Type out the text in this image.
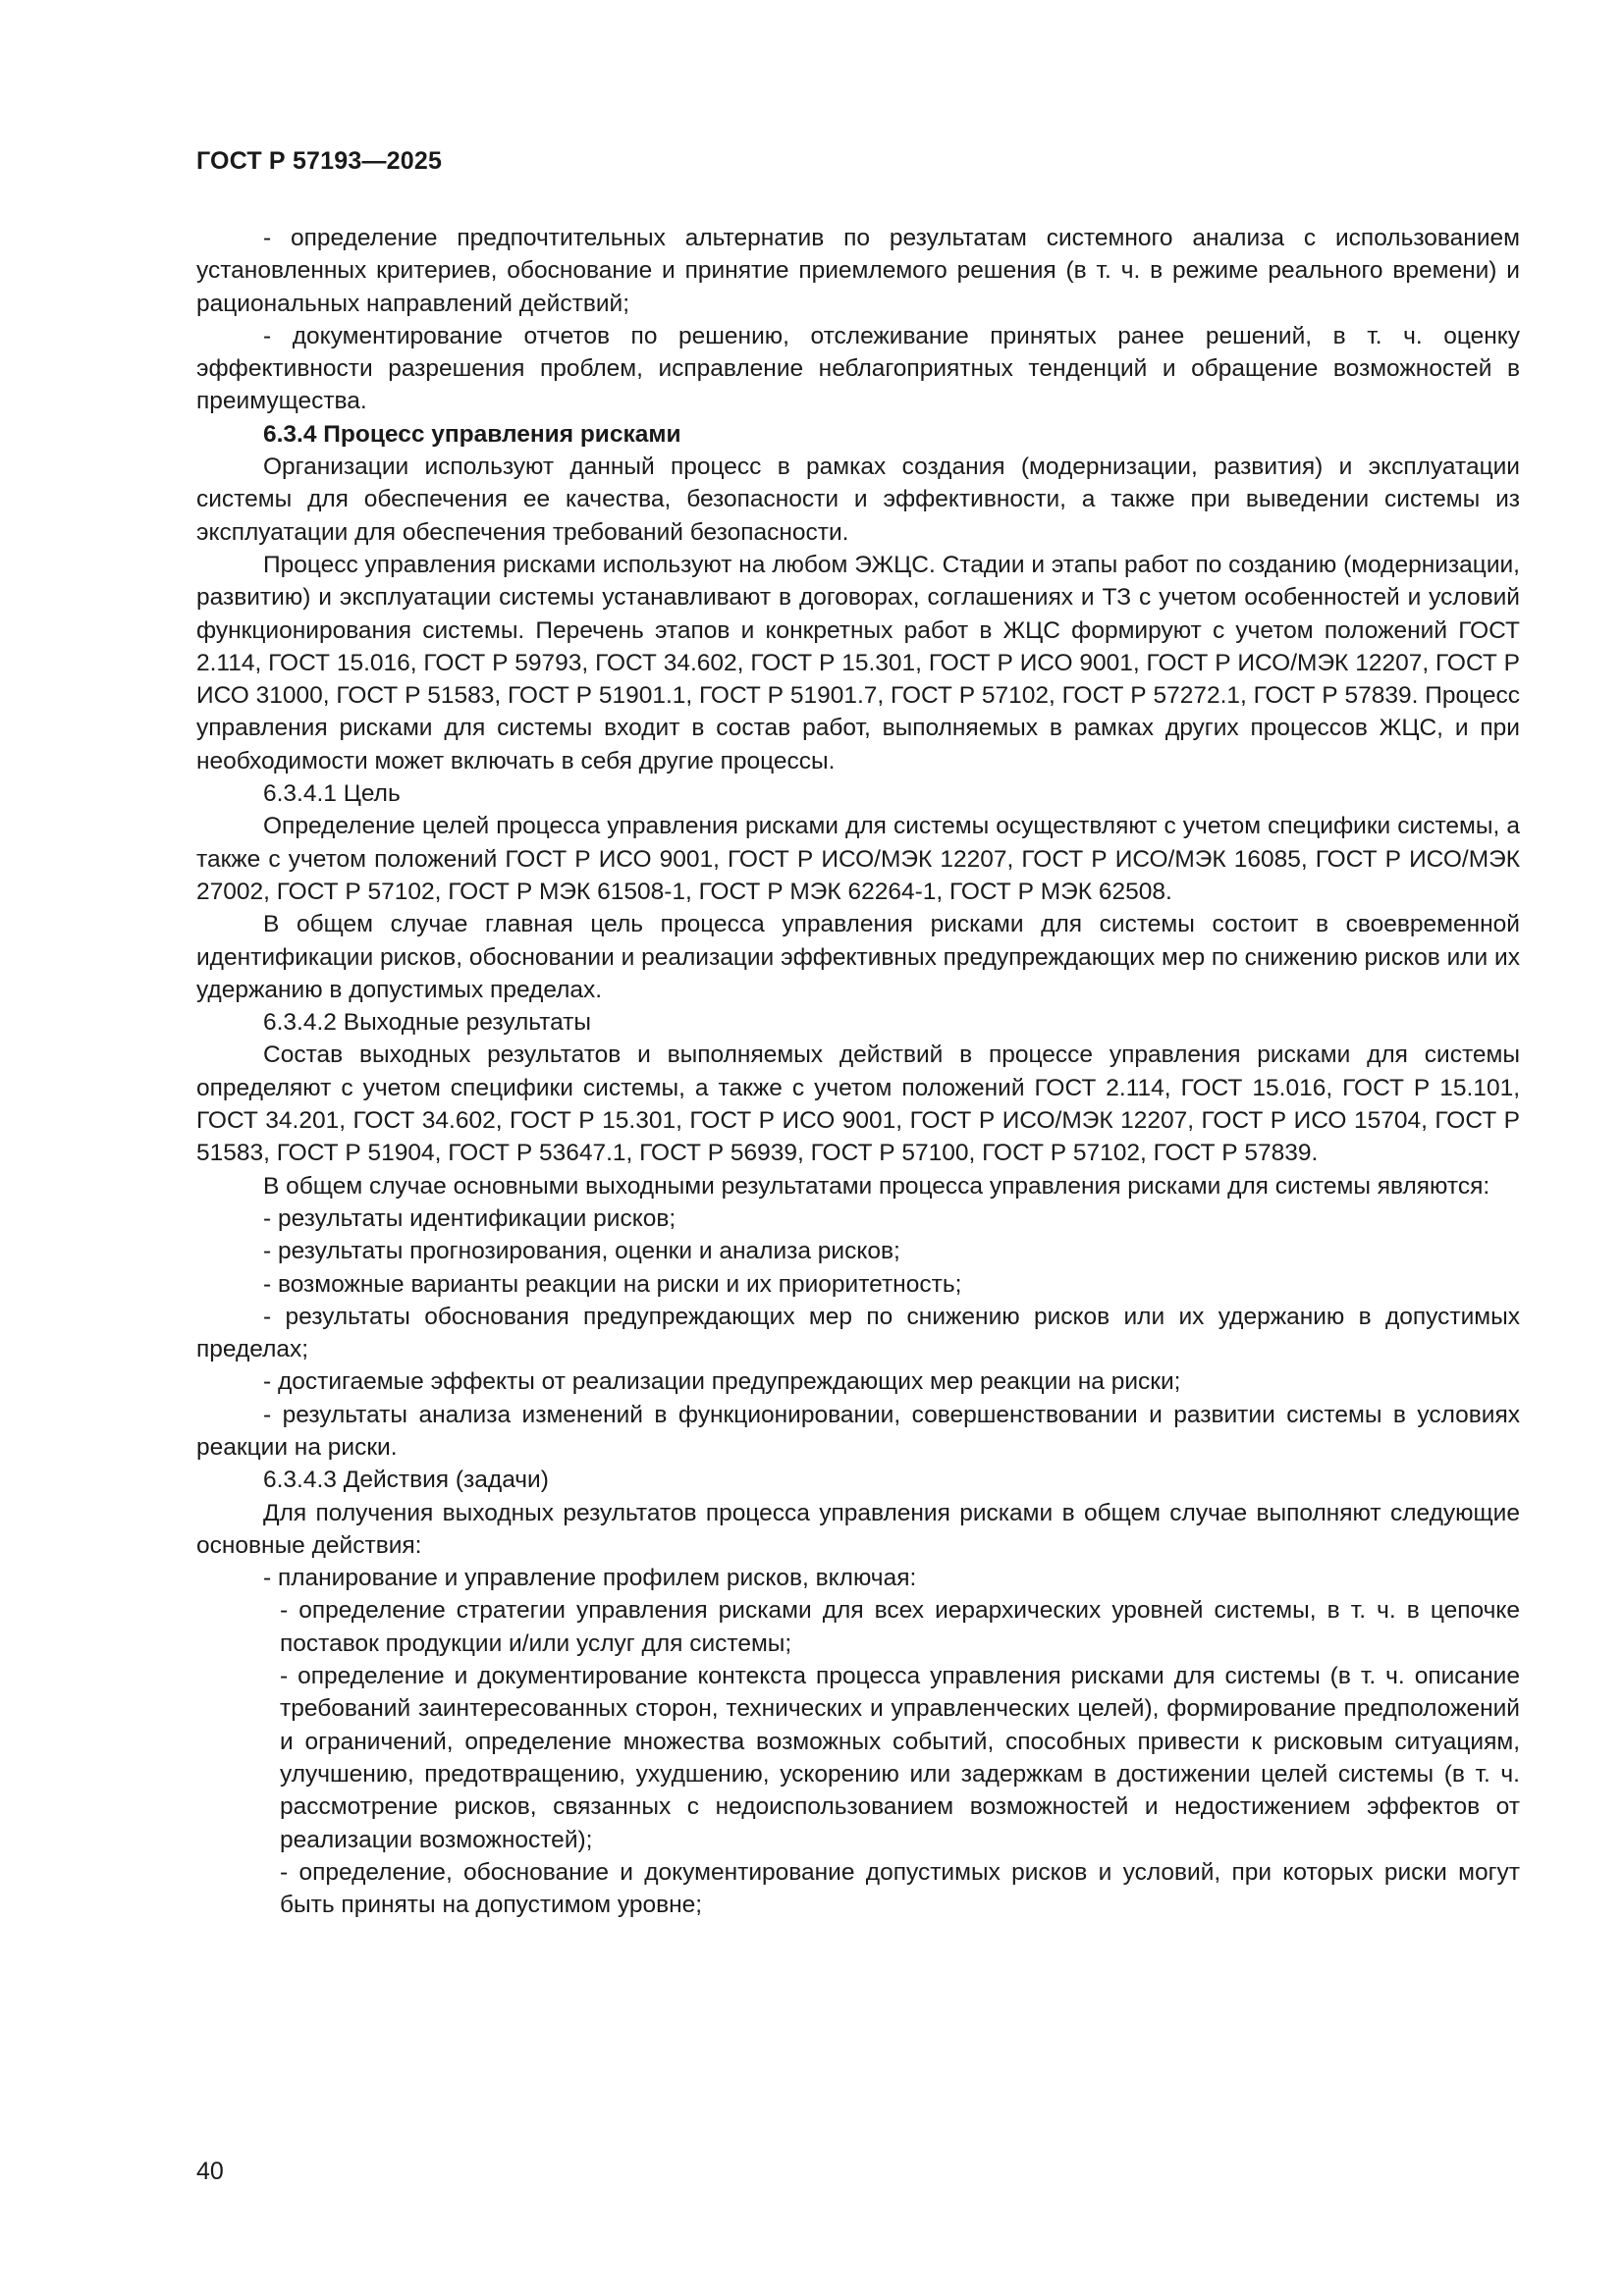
ГОСТ Р 57193—2025

- определение предпочтительных альтернатив по результатам системного анализа с использованием установленных критериев, обоснование и принятие приемлемого решения (в т. ч. в режиме реального времени) и рациональных направлений действий;

- документирование отчетов по решению, отслеживание принятых ранее решений, в т. ч. оценку эффективности разрешения проблем, исправление неблагоприятных тенденций и обращение возможностей в преимущества.

6.3.4 Процесс управления рисками

Организации используют данный процесс в рамках создания (модернизации, развития) и эксплуатации системы для обеспечения ее качества, безопасности и эффективности, а также при выведении системы из эксплуатации для обеспечения требований безопасности.

Процесс управления рисками используют на любом ЭЖЦС. Стадии и этапы работ по созданию (модернизации, развитию) и эксплуатации системы устанавливают в договорах, соглашениях и ТЗ с учетом особенностей и условий функционирования системы. Перечень этапов и конкретных работ в ЖЦС формируют с учетом положений ГОСТ 2.114, ГОСТ 15.016, ГОСТ Р 59793, ГОСТ 34.602, ГОСТ Р 15.301, ГОСТ Р ИСО 9001, ГОСТ Р ИСО/МЭК 12207, ГОСТ Р ИСО 31000, ГОСТ Р 51583, ГОСТ Р 51901.1, ГОСТ Р 51901.7, ГОСТ Р 57102, ГОСТ Р 57272.1, ГОСТ Р 57839. Процесс управления рисками для системы входит в состав работ, выполняемых в рамках других процессов ЖЦС, и при необходимости может включать в себя другие процессы.

6.3.4.1 Цель

Определение целей процесса управления рисками для системы осуществляют с учетом специфики системы, а также с учетом положений ГОСТ Р ИСО 9001, ГОСТ Р ИСО/МЭК 12207, ГОСТ Р ИСО/МЭК 16085, ГОСТ Р ИСО/МЭК 27002, ГОСТ Р 57102, ГОСТ Р МЭК 61508-1, ГОСТ Р МЭК 62264-1, ГОСТ Р МЭК 62508.

В общем случае главная цель процесса управления рисками для системы состоит в своевременной идентификации рисков, обосновании и реализации эффективных предупреждающих мер по снижению рисков или их удержанию в допустимых пределах.

6.3.4.2 Выходные результаты

Состав выходных результатов и выполняемых действий в процессе управления рисками для системы определяют с учетом специфики системы, а также с учетом положений ГОСТ 2.114, ГОСТ 15.016, ГОСТ Р 15.101, ГОСТ 34.201, ГОСТ 34.602, ГОСТ Р 15.301, ГОСТ Р ИСО 9001, ГОСТ Р ИСО/МЭК 12207, ГОСТ Р ИСО 15704, ГОСТ Р 51583, ГОСТ Р 51904, ГОСТ Р 53647.1, ГОСТ Р 56939, ГОСТ Р 57100, ГОСТ Р 57102, ГОСТ Р 57839.

В общем случае основными выходными результатами процесса управления рисками для системы являются:

- результаты идентификации рисков;

- результаты прогнозирования, оценки и анализа рисков;

- возможные варианты реакции на риски и их приоритетность;

- результаты обоснования предупреждающих мер по снижению рисков или их удержанию в допустимых пределах;

- достигаемые эффекты от реализации предупреждающих мер реакции на риски;

- результаты анализа изменений в функционировании, совершенствовании и развитии системы в условиях реакции на риски.

6.3.4.3 Действия (задачи)

Для получения выходных результатов процесса управления рисками в общем случае выполняют следующие основные действия:

- планирование и управление профилем рисков, включая:

- определение стратегии управления рисками для всех иерархических уровней системы, в т. ч. в цепочке поставок продукции и/или услуг для системы;

- определение и документирование контекста процесса управления рисками для системы (в т. ч. описание требований заинтересованных сторон, технических и управленческих целей), формирование предположений и ограничений, определение множества возможных событий, способных привести к рисковым ситуациям, улучшению, предотвращению, ухудшению, ускорению или задержкам в достижении целей системы (в т. ч. рассмотрение рисков, связанных с недоиспользованием возможностей и недостижением эффектов от реализации возможностей);

- определение, обоснование и документирование допустимых рисков и условий, при которых риски могут быть приняты на допустимом уровне;

40
